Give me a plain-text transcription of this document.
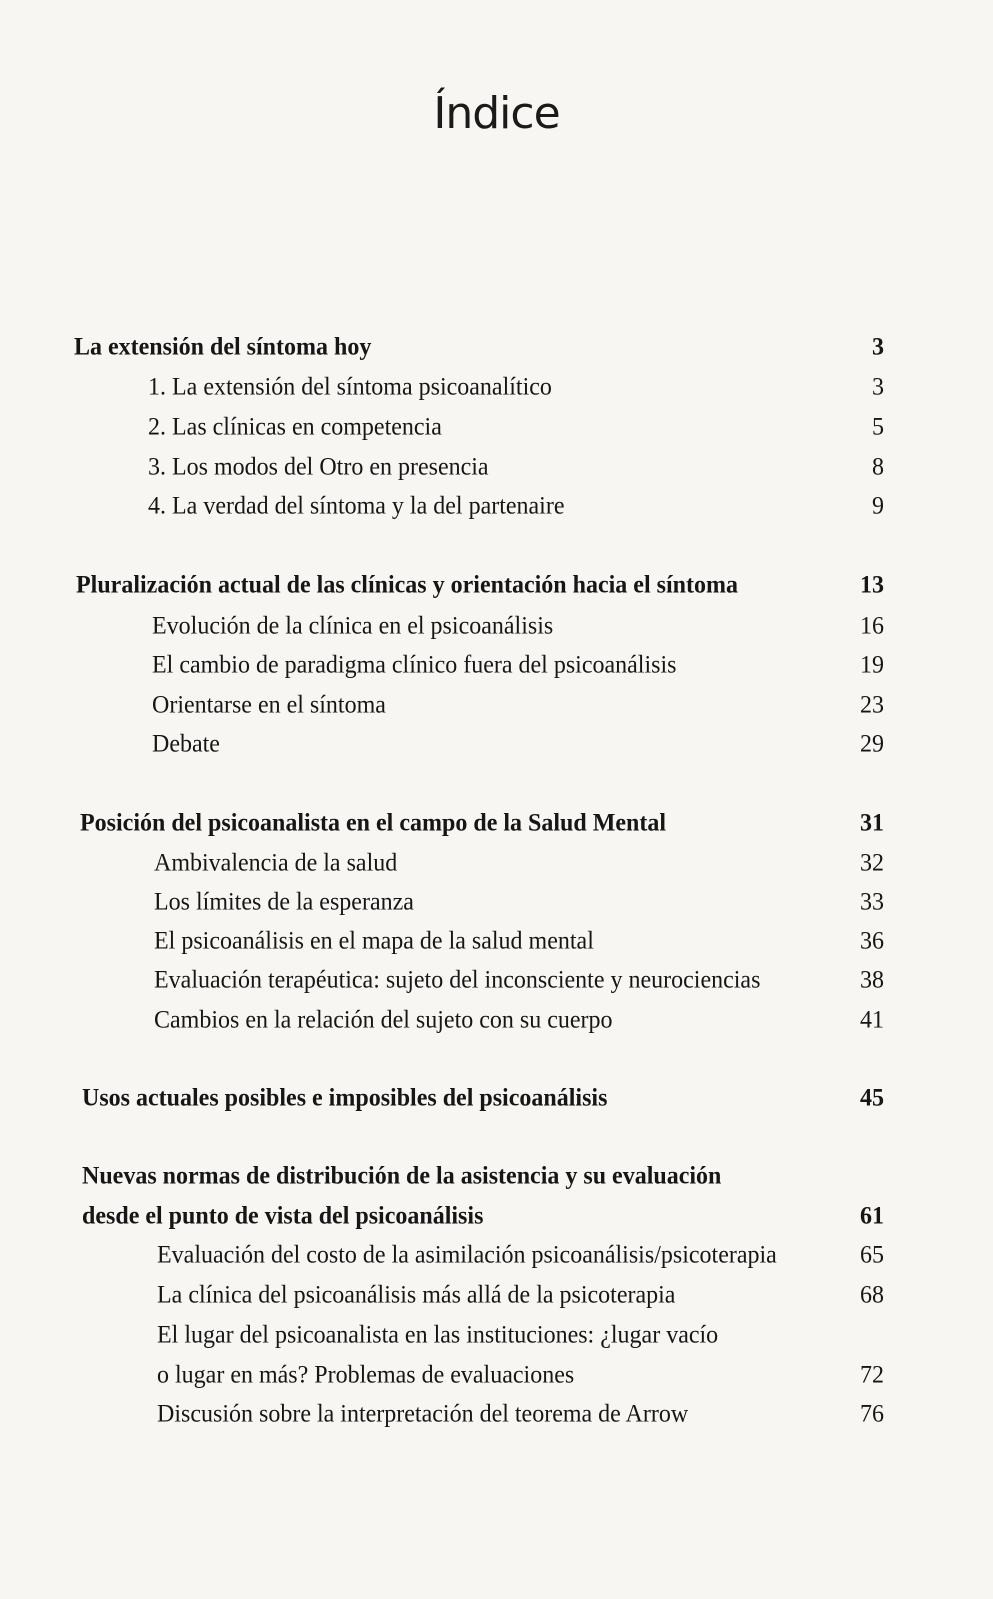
Índice
La extensión del síntoma hoy	3
1. La extensión del síntoma psicoanalítico	3
2. Las clínicas en competencia	5
3. Los modos del Otro en presencia	8
4. La verdad del síntoma y la del partenaire	9
Pluralización actual de las clínicas y orientación hacia el síntoma	13
Evolución de la clínica en el psicoanálisis	16
El cambio de paradigma clínico fuera del psicoanálisis	19
Orientarse en el síntoma	23
Debate	29
Posición del psicoanalista en el campo de la Salud Mental	31
Ambivalencia de la salud	32
Los límites de la esperanza	33
El psicoanálisis en el mapa de la salud mental	36
Evaluación terapéutica: sujeto del inconsciente y neurociencias	38
Cambios en la relación del sujeto con su cuerpo	41
Usos actuales posibles e imposibles del psicoanálisis	45
Nuevas normas de distribución de la asistencia y su evaluación
desde el punto de vista del psicoanálisis	61
Evaluación del costo de la asimilación psicoanálisis/psicoterapia	65
La clínica del psicoanálisis más allá de la psicoterapia	68
El lugar del psicoanalista en las instituciones: ¿lugar vacío
o lugar en más? Problemas de evaluaciones	72
Discusión sobre la interpretación del teorema de Arrow	76
